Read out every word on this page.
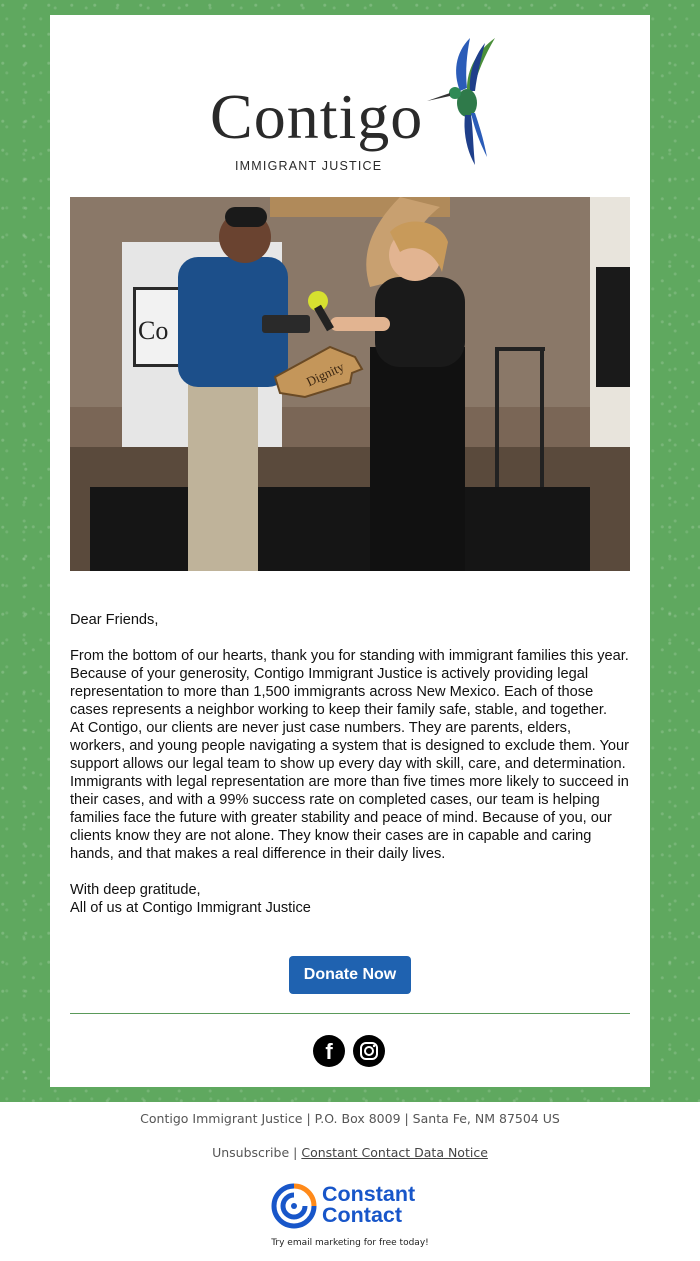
Contigo
IMMIGRANT JUSTICE
Co
Dignity

Dear Friends,

From the bottom of our hearts, thank you for standing with immigrant families this year. Because of your generosity, Contigo Immigrant Justice is actively providing legal representation to more than 1,500 immigrants across New Mexico. Each of those cases represents a neighbor working to keep their family safe, stable, and together.

At Contigo, our clients are never just case numbers. They are parents, elders, workers, and young people navigating a system that is designed to exclude them. Your support allows our legal team to show up every day with skill, care, and determination. Immigrants with legal representation are more than five times more likely to succeed in their cases, and with a 99% success rate on completed cases, our team is helping families face the future with greater stability and peace of mind. Because of you, our clients know they are not alone. They know their cases are in capable and caring hands, and that makes a real difference in their daily lives.

With deep gratitude,

All of us at Contigo Immigrant Justice

Donate Now
f
Contigo Immigrant Justice | P.O. Box 8009 | Santa Fe, NM 87504 US
Unsubscribe | Constant Contact Data Notice
Constant
Contact
Try email marketing for free today!
